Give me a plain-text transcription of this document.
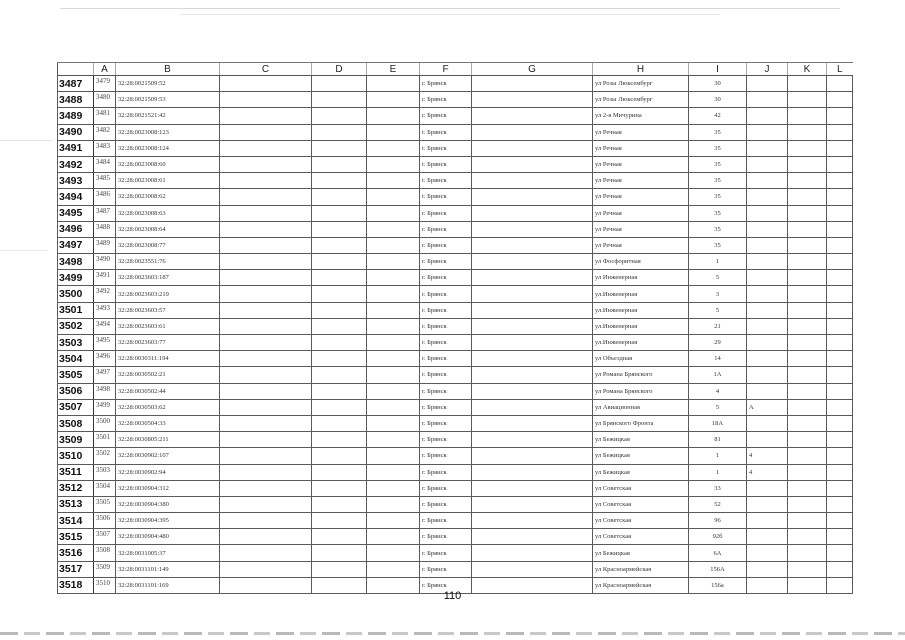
	A	B	C	D	E	F	G	H	I	J	K	L
3487	3479	32:28:0021509:52				г. Брянск		ул Розы Люксембург	30			
3488	3480	32:28:0021509:53				г. Брянск		ул Розы Люксембург	30			
3489	3481	32:28:0021521:42				г. Брянск		ул 2-я Мичурина	42			
3490	3482	32:28:0023008:123				г. Брянск		ул Речная	35			
3491	3483	32:28:0023008:124				г. Брянск		ул Речная	35			
3492	3484	32:28:0023008:60				г. Брянск		ул Речная	35			
3493	3485	32:28:0023008:61				г. Брянск		ул Речная	35			
3494	3486	32:28:0023008:62				г. Брянск		ул Речная	35			
3495	3487	32:28:0023008:63				г. Брянск		ул Речная	35			
3496	3488	32:28:0023008:64				г. Брянск		ул Речная	35			
3497	3489	32:28:0023008:77				г. Брянск		ул Речная	35			
3498	3490	32:28:0023551:76				г. Брянск		ул Фосфоритная	1			
3499	3491	32:28:0023603:187				г. Брянск		ул Инженерная	5			
3500	3492	32:28:0023603:219				г. Брянск		ул.Инженерная	3			
3501	3493	32:28:0023603:57				г. Брянск		ул.Инженерная	5			
3502	3494	32:28:0023603:61				г. Брянск		ул.Инженерная	21			
3503	3495	32:28:0023603:77				г. Брянск		ул.Инженерная	29			
3504	3496	32:28:0030311:194				г. Брянск		ул Объездная	14			
3505	3497	32:28:0030502:21				г. Брянск		ул Романа Брянского	1А			
3506	3498	32:28:0030502:44				г. Брянск		ул Романа Брянского	4			
3507	3499	32:28:0030503:62				г. Брянск		ул Авиационная	5	А		
3508	3500	32:28:0030504:33				г. Брянск		ул Брянского Фронта	18А			
3509	3501	32:28:0030805:211				г. Брянск		ул Бежицкая	81			
3510	3502	32:28:0030902:107				г. Брянск		ул Бежицкая	1	4		
3511	3503	32:28:0030902:94				г. Брянск		ул Бежицкая	1	4		
3512	3504	32:28:0030904:312				г. Брянск		ул Советская	33			
3513	3505	32:28:0030904:380				г. Брянск		ул Советская	52			
3514	3506	32:28:0030904:395				г. Брянск		ул Советская	96			
3515	3507	32:28:0030904:480				г. Брянск		ул Советская	92б			
3516	3508	32:28:0031005:37				г. Брянск		ул Бежицкая	6А			
3517	3509	32:28:0031101:149				г. Брянск		ул Красноармейская	156А			
3518	3510	32:28:0031101:169				г. Брянск		ул Красноармейская	156а			
110
